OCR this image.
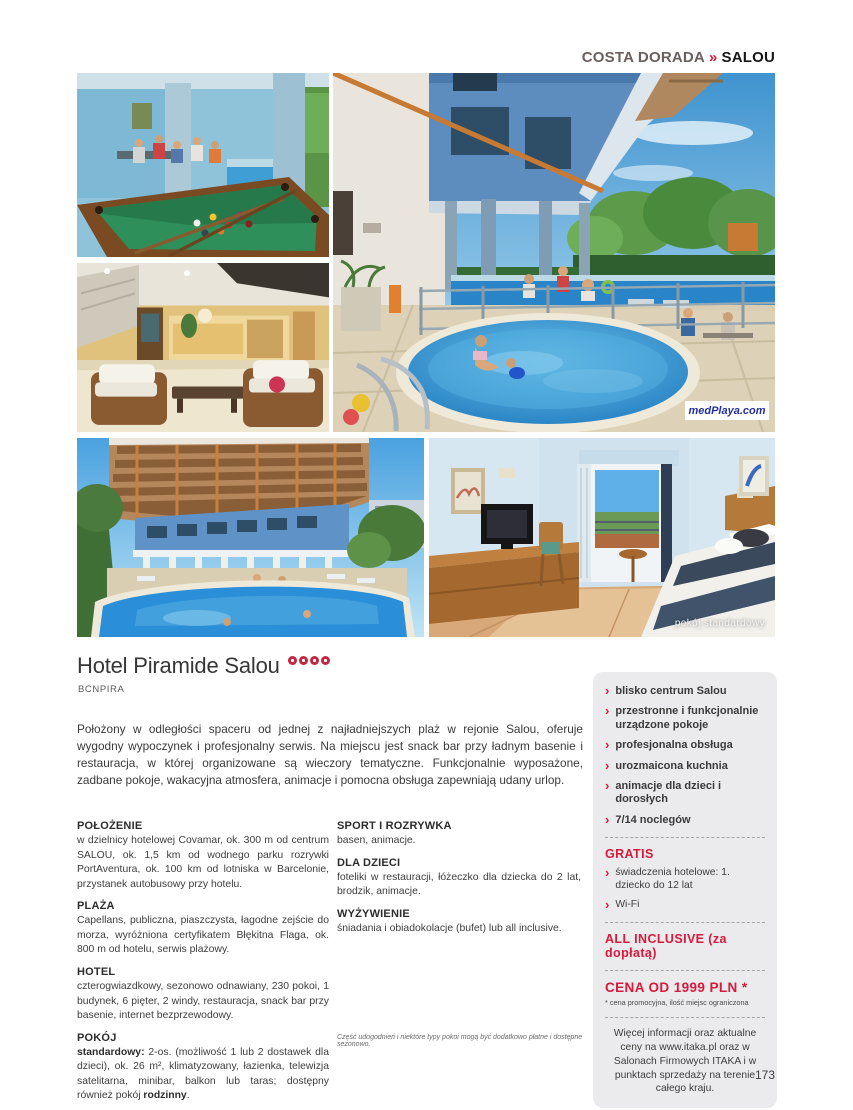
COSTA DORADA » SALOU
medPlaya.com
pokój standardowy
Hotel Piramide Salou
BCNPIRA

Położony w odległości spaceru od jednej z najładniejszych plaż w rejonie Salou, oferuje wygodny wypoczynek i profesjonalny serwis. Na miejscu jest snack bar przy ładnym basenie i restauracja, w której organizowane są wieczory tematyczne. Funkcjonalnie wyposażone, zadbane pokoje, wakacyjna atmosfera, animacje i pomocna obsługa zapewniają udany urlop.

POŁOŻENIE
w dzielnicy hotelowej Covamar, ok. 300 m od centrum SALOU, ok. 1,5 km od wodnego parku rozrywki PortAventura, ok. 100 km od lotniska w Barcelonie, przystanek autobusowy przy hotelu.
PLAŻA
Capellans, publiczna, piaszczysta, łagodne zejście do morza, wyróżniona certyfikatem Błękitna Flaga, ok. 800 m od hotelu, serwis plażowy.
HOTEL
czterogwiazdkowy, sezonowo odnawiany, 230 pokoi, 1 budynek, 6 pięter, 2 windy, restauracja, snack bar przy basenie, internet bezprzewodowy.
POKÓJ
standardowy: 2-os. (możliwość 1 lub 2 dostawek dla dzieci), ok. 26 m², klimatyzowany, łazienka, telewizja satelitarna, minibar, balkon lub taras; dostępny również pokój rodzinny.
SPORT I ROZRYWKA
basen, animacje.
DLA DZIECI
foteliki w restauracji, łóżeczko dla dziecka do 2 lat, brodzik, animacje.
WYŻYWIENIE
śniadania i obiadokolacje (bufet) lub all inclusive.
Część udogodnień i niektóre typy pokoi mogą być dodatkowo płatne i dostępne sezonowo.
› blisko centrum Salou
› przestronne i funkcjonalnie urządzone pokoje
› profesjonalna obsługa
› urozmaicona kuchnia
› animacje dla dzieci i dorosłych
› 7/14 noclegów
GRATIS
› świadczenia hotelowe: 1. dziecko do 12 lat
› Wi-Fi
ALL INCLUSIVE (za dopłatą)
CENA OD 1999 PLN *
* cena promocyjna, ilość miejsc ograniczona
Więcej informacji oraz aktualne ceny na www.itaka.pl oraz w Salonach Firmowych ITAKA i w punktach sprzedaży na terenie całego kraju.
173
